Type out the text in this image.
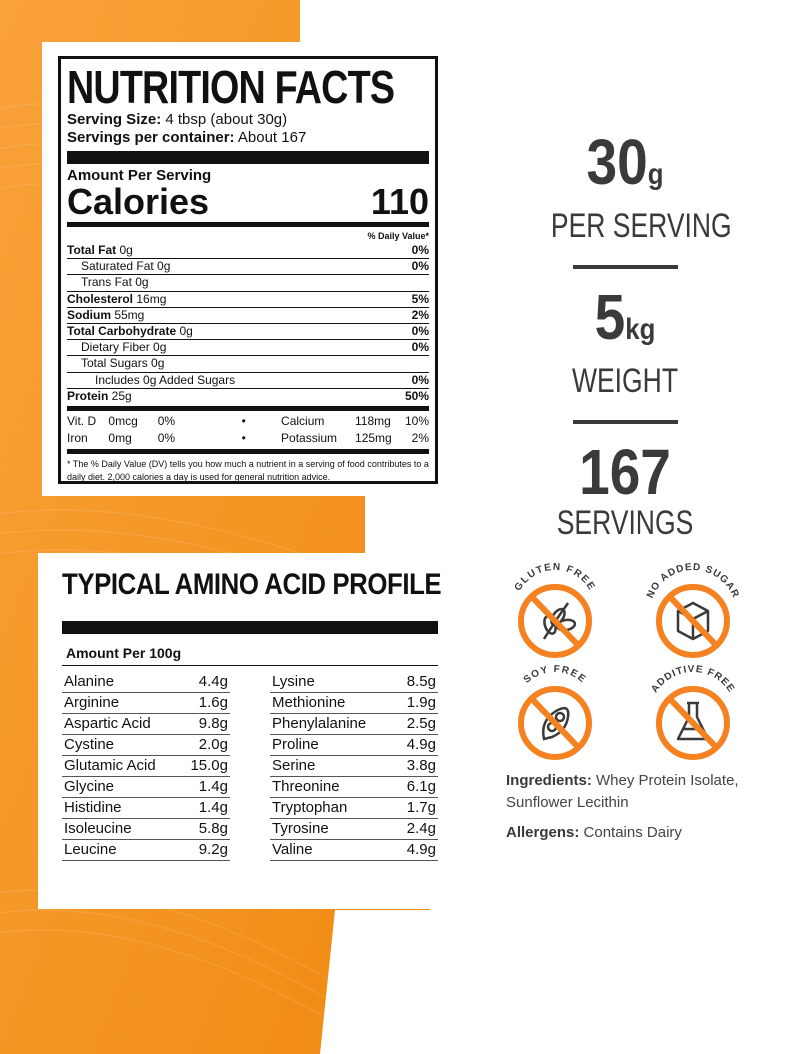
NUTRITION FACTS
Serving Size: 4 tbsp (about 30g)
Servings per container: About 167
Amount Per Serving
Calories	110
% Daily Value*
Total Fat 0g	0%
Saturated Fat 0g	0%
Trans Fat 0g
Cholesterol 16mg	5%
Sodium 55mg	2%
Total Carbohydrate 0g	0%
Dietary Fiber 0g	0%
Total Sugars 0g
Includes 0g Added Sugars	0%
Protein 25g	50%
Vit. D	0mcg	0%	•	Calcium	118mg	10%
Iron	0mg	0%	•	Potassium	125mg	2%
* The % Daily Value (DV) tells you how much a nutrient in a serving of food contributes to a daily diet. 2,000 calories a day is used for general nutrition advice.
TYPICAL AMINO ACID PROFILE
Amount Per 100g
Alanine	4.4g
Arginine	1.6g
Aspartic Acid	9.8g
Cystine	2.0g
Glutamic Acid 15.0g
Glycine	1.4g
Histidine	1.4g
Isoleucine	5.8g
Leucine	9.2g
Lysine	8.5g
Methionine	1.9g
Phenylalanine	2.5g
Proline	4.9g
Serine	3.8g
Threonine	6.1g
Tryptophan	1.7g
Tyrosine	2.4g
Valine	4.9g
30g
PER SERVING
5kg
WEIGHT
167
SERVINGS
GLUTEN FREE
NO ADDED SUGAR
SOY FREE
ADDITIVE FREE

Ingredients: Whey Protein Isolate, Sunflower Lecithin

Allergens: Contains Dairy
